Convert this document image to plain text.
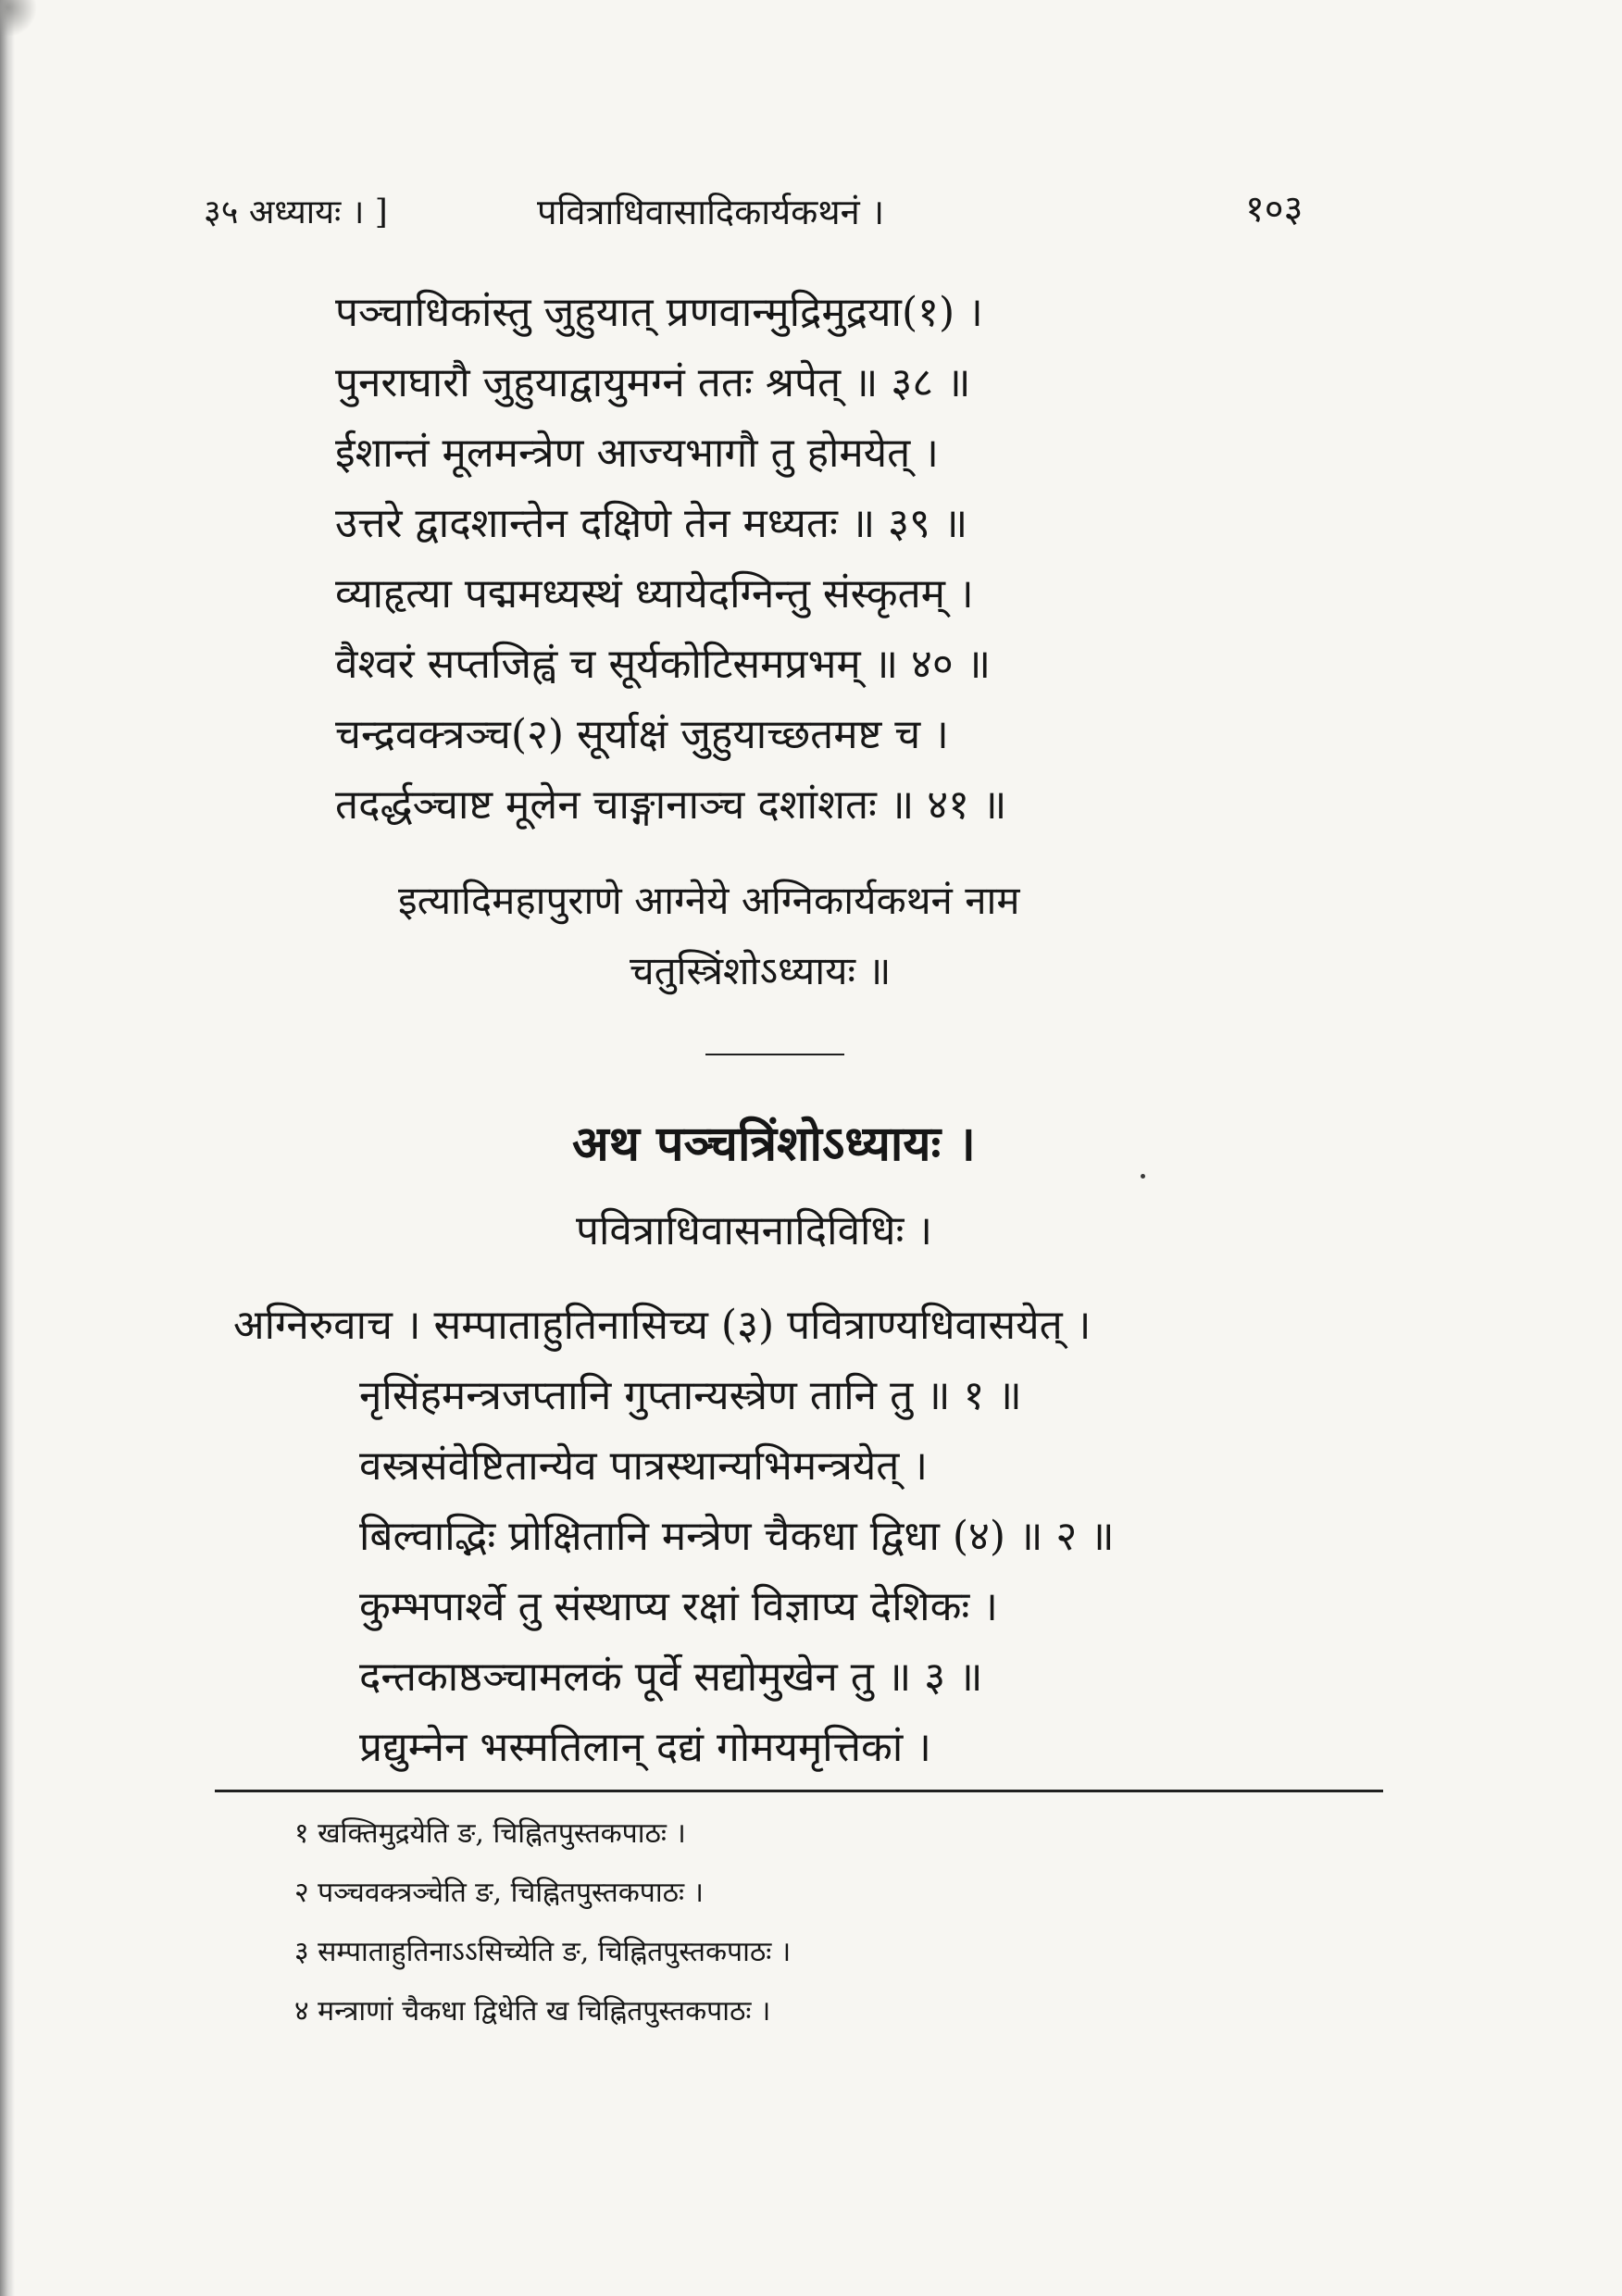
३५ अध्यायः । ]	पवित्राधिवासादिकार्यकथनं ।	१०३
पञ्चाधिकांस्तु जुहुयात् प्रणवान्मुद्रिमुद्रया(१) ।
पुनराघारौ जुहुयाद्वायुमग्नं ततः श्रपेत् ॥ ३८ ॥
ईशान्तं मूलमन्त्रेण आज्यभागौ तु होमयेत् ।
उत्तरे द्वादशान्तेन दक्षिणे तेन मध्यतः ॥ ३९ ॥
व्याहृत्या पद्ममध्यस्थं ध्यायेदग्निन्तु संस्कृतम् ।
वैश्वरं सप्तजिह्वं च सूर्यकोटिसमप्रभम् ॥ ४० ॥
चन्द्रवक्त्रञ्च(२) सूर्याक्षं जुहुयाच्छतमष्ट च ।
तदर्द्धञ्चाष्ट मूलेन चाङ्गानाञ्च दशांशतः ॥ ४१ ॥
इत्यादिमहापुराणे आग्नेये अग्निकार्यकथनं नाम
चतुस्त्रिंशोऽध्यायः ॥
अथ पञ्चत्रिंशोऽध्यायः ।
पवित्राधिवासनादिविधिः ।
अग्निरुवाच । सम्पाताहुतिनासिच्य (३) पवित्राण्यधिवासयेत् ।
नृसिंहमन्त्रजप्तानि गुप्तान्यस्त्रेण तानि तु ॥ १ ॥
वस्त्रसंवेष्टितान्येव पात्रस्थान्यभिमन्त्रयेत् ।
बिल्वाद्भिः प्रोक्षितानि मन्त्रेण चैकधा द्विधा (४) ॥ २ ॥
कुम्भपार्श्वे तु संस्थाप्य रक्षां विज्ञाप्य देशिकः ।
दन्तकाष्ठञ्चामलकं पूर्वे सद्योमुखेन तु ॥ ३ ॥
प्रद्युम्नेन भस्मतिलान् दद्यं गोमयमृत्तिकां ।
१ खक्तिमुद्रयेति ङ, चिह्नितपुस्तकपाठः ।
२ पञ्चवक्त्रञ्चेति ङ, चिह्नितपुस्तकपाठः ।
३ सम्पाताहुतिनाऽऽसिच्येति ङ, चिह्नितपुस्तकपाठः ।
४ मन्त्राणां चैकधा द्विधेति ख चिह्नितपुस्तकपाठः ।
